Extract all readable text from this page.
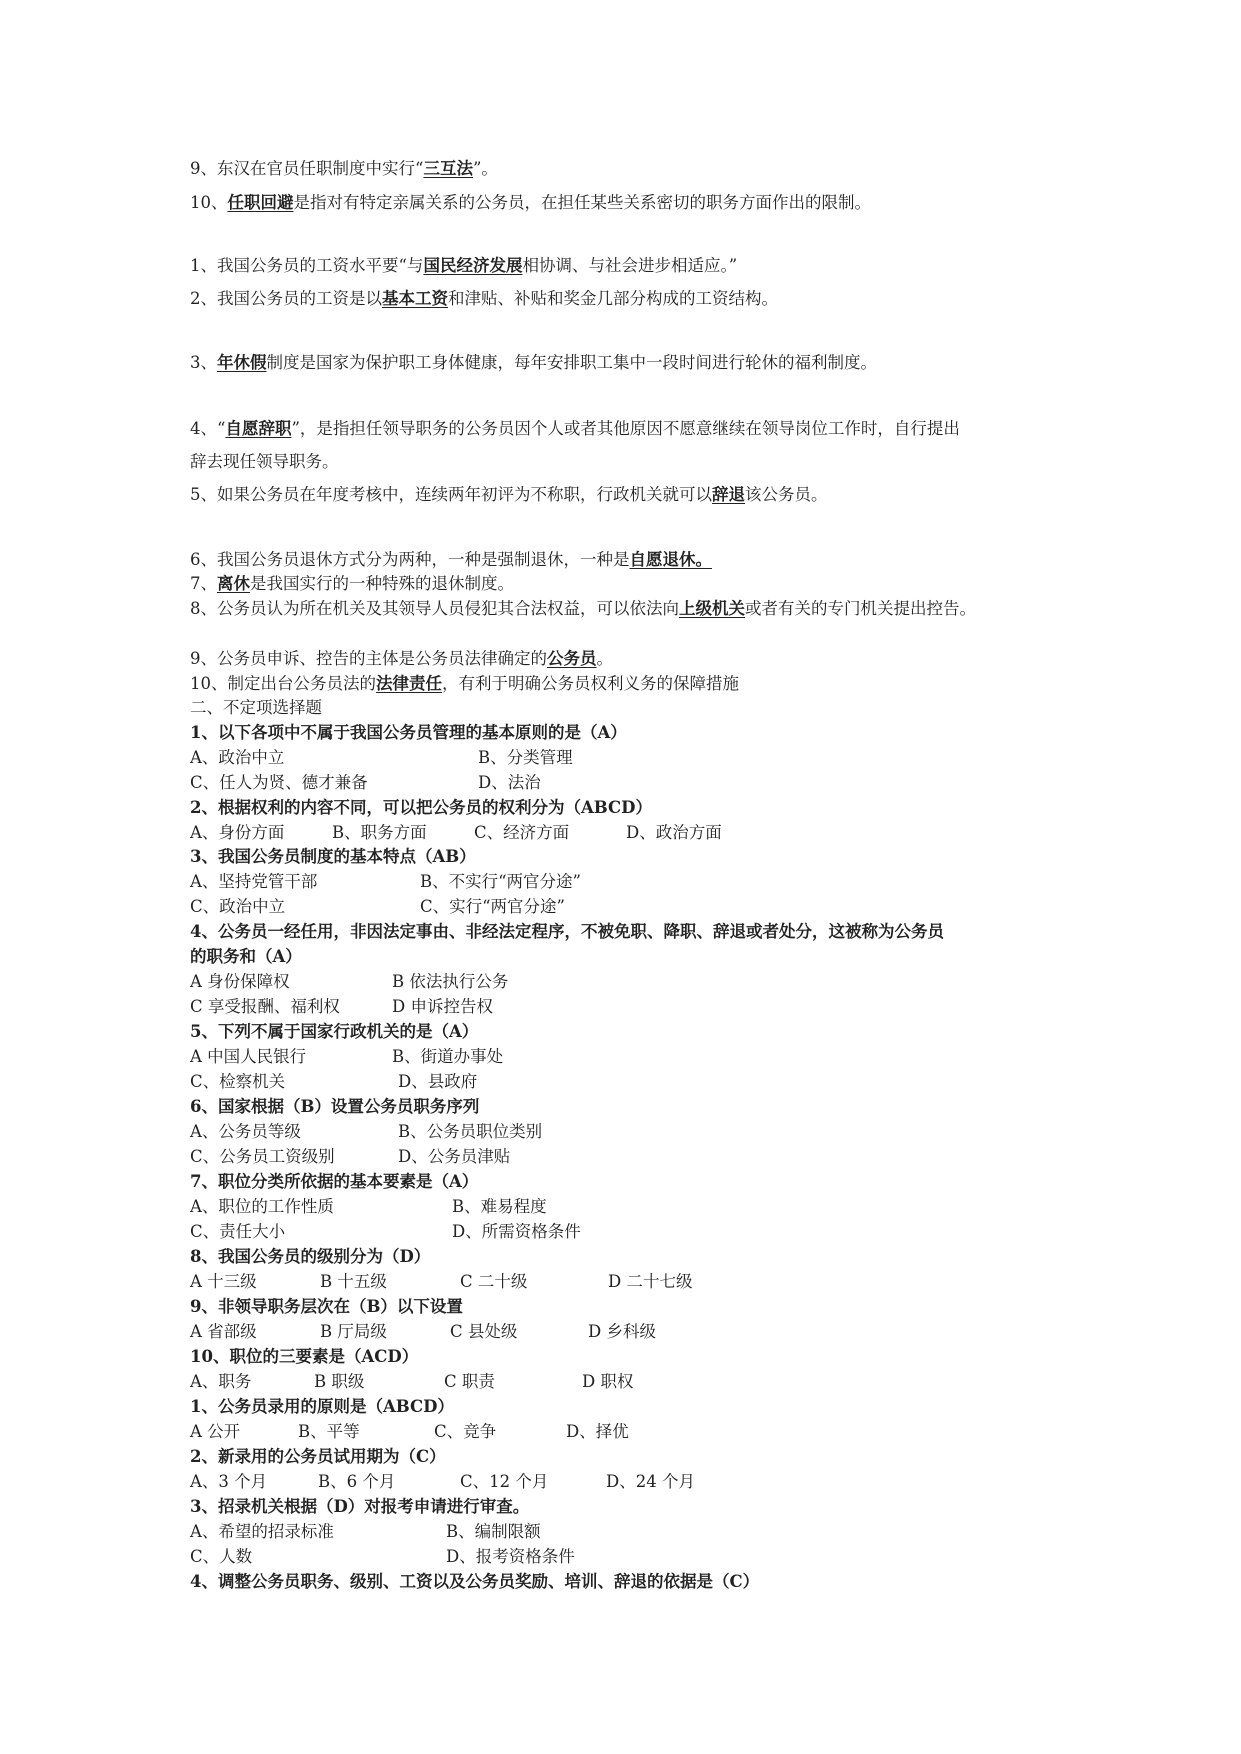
9、东汉在官员任职制度中实行“三互法”。
10、任职回避是指对有特定亲属关系的公务员，在担任某些关系密切的职务方面作出的限制。
1、我国公务员的工资水平要“与国民经济发展相协调、与社会进步相适应。”
2、我国公务员的工资是以基本工资和津贴、补贴和奖金几部分构成的工资结构。
3、年休假制度是国家为保护职工身体健康，每年安排职工集中一段时间进行轮休的福利制度。
4、“自愿辞职”，是指担任领导职务的公务员因个人或者其他原因不愿意继续在领导岗位工作时，自行提出
辞去现任领导职务。
5、如果公务员在年度考核中，连续两年初评为不称职，行政机关就可以辞退该公务员。
6、我国公务员退休方式分为两种，一种是强制退休，一种是自愿退休。
7、离休是我国实行的一种特殊的退休制度。
8、公务员认为所在机关及其领导人员侵犯其合法权益，可以依法向上级机关或者有关的专门机关提出控告。
9、公务员申诉、控告的主体是公务员法律确定的公务员。
10、制定出台公务员法的法律责任，有利于明确公务员权利义务的保障措施
二、不定项选择题
1、以下各项中不属于我国公务员管理的基本原则的是（A）
A、政治中立	B、分类管理
C、任人为贤、德才兼备	D、法治
2、根据权利的内容不同，可以把公务员的权利分为（ABCD）
A、身份方面	B、职务方面	C、经济方面	D、政治方面
3、我国公务员制度的基本特点（AB）
A、坚持党管干部	B、不实行“两官分途”
C、政治中立	C、实行“两官分途”
4、公务员一经任用，非因法定事由、非经法定程序，不被免职、降职、辞退或者处分，这被称为公务员
的职务和（A）
A 身份保障权	B 依法执行公务
C 享受报酬、福利权	D 申诉控告权
5、下列不属于国家行政机关的是（A）
A 中国人民银行	B、街道办事处
C、检察机关	D、县政府
6、国家根据（B）设置公务员职务序列
A、公务员等级	B、公务员职位类别
C、公务员工资级别	D、公务员津贴
7、职位分类所依据的基本要素是（A）
A、职位的工作性质	B、难易程度
C、责任大小	D、所需资格条件
8、我国公务员的级别分为（D）
A 十三级	B 十五级	C 二十级	D 二十七级
9、非领导职务层次在（B）以下设置
A 省部级	B 厅局级	C 县处级	D 乡科级
10、职位的三要素是（ACD）
A、职务	B 职级	C 职责	D 职权
1、公务员录用的原则是（ABCD）
A 公开	B、平等	C、竞争	D、择优
2、新录用的公务员试用期为（C）
A、3 个月	B、6 个月	C、12 个月	D、24 个月
3、招录机关根据（D）对报考申请进行审查。
A、希望的招录标准	B、编制限额
C、人数	D、报考资格条件
4、调整公务员职务、级别、工资以及公务员奖励、培训、辞退的依据是（C）
